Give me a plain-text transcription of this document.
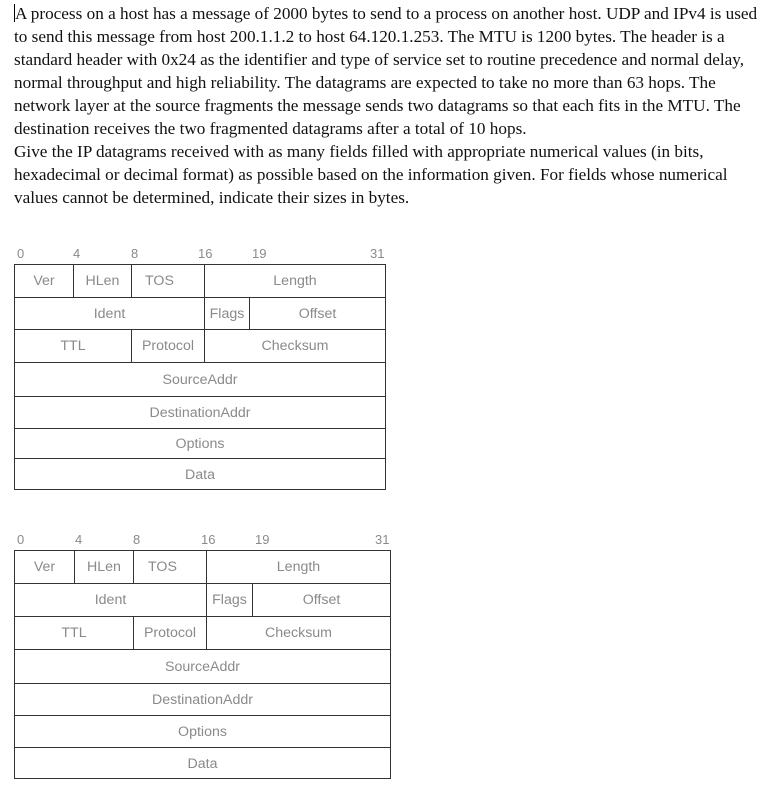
A process on a host has a message of 2000 bytes to send to a process on another host. UDP and IPv4 is used to send this message from host 200.1.1.2 to host 64.120.1.253. The MTU is 1200 bytes. The header is a standard header with 0x24 as the identifier and type of service set to routine precedence and normal delay, normal throughput and high reliability. The datagrams are expected to take no more than 63 hops. The network layer at the source fragments the message sends two datagrams so that each fits in the MTU. The destination receives the two fragmented datagrams after a total of 10 hops.

Give the IP datagrams received with as many fields filled with appropriate numerical values (in bits, hexadecimal or decimal format) as possible based on the information given. For fields whose numerical values cannot be determined, indicate their sizes in bytes.

0	4	8	16	19	31
Ver	HLen	TOS	Length
Ident	Flags	Offset
TTL	Protocol	Checksum
SourceAddr
DestinationAddr
Options
Data
0	4	8	16	19	31
Ver	HLen	TOS	Length
Ident	Flags	Offset
TTL	Protocol	Checksum
SourceAddr
DestinationAddr
Options
Data
